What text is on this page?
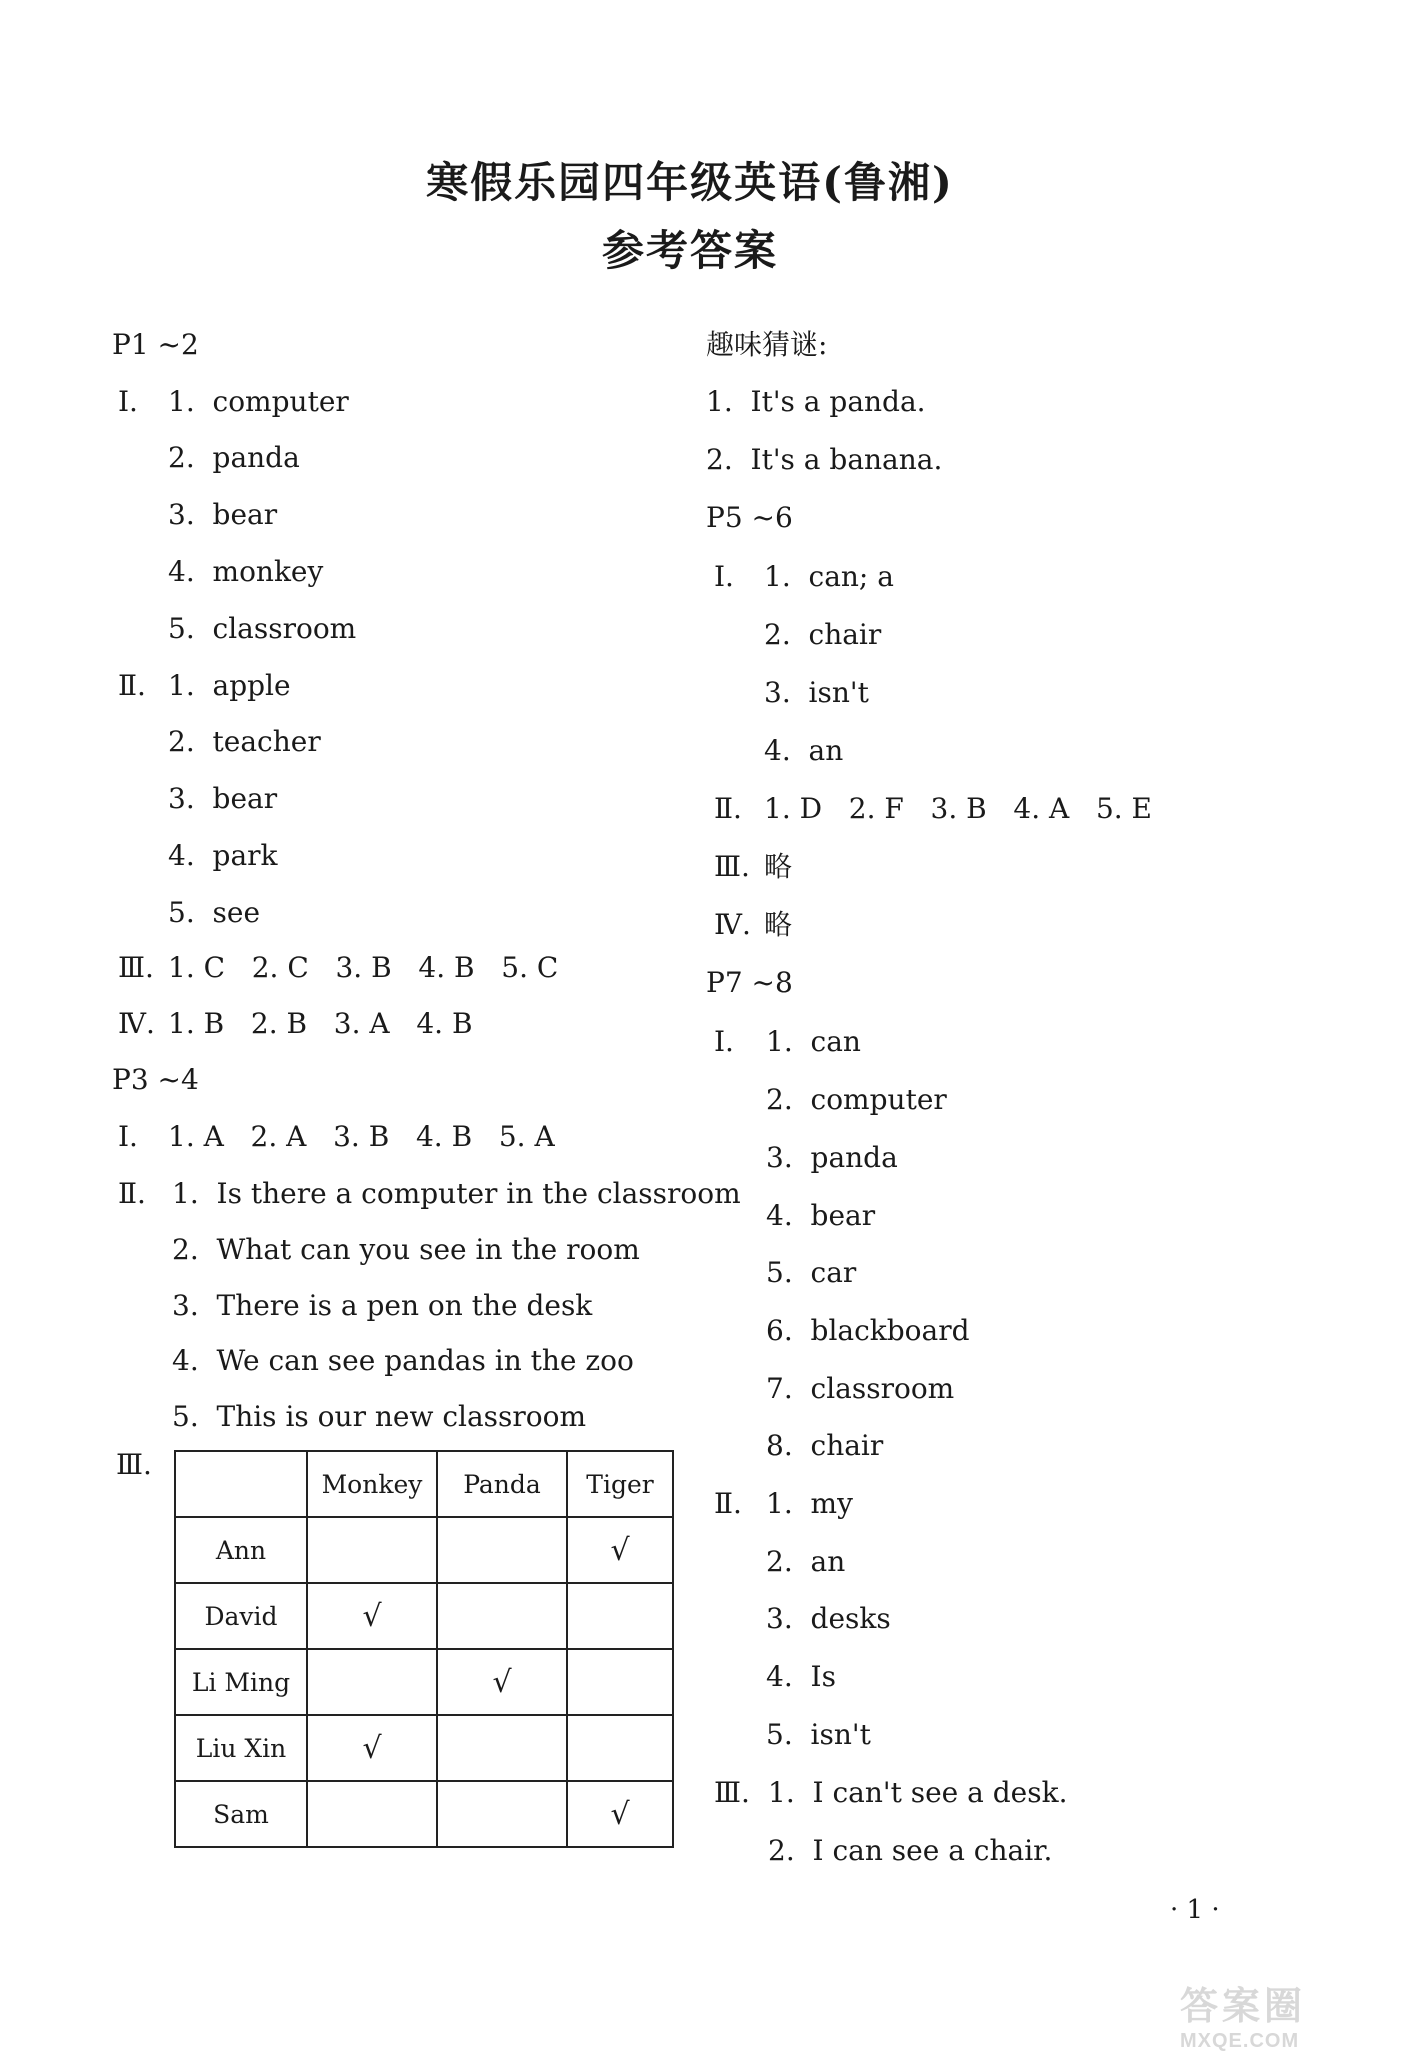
寒假乐园四年级英语(鲁湘)
参考答案
P1 ~2
Ⅰ. 1.  computer
2.  panda
3.  bear
4.  monkey
5.  classroom
Ⅱ. 1.  apple
2.  teacher
3.  bear
4.  park
5.  see
Ⅲ. 1. C   2. C   3. B   4. B   5. C
Ⅳ. 1. B   2. B   3. A   4. B
P3 ~4
Ⅰ. 1. A   2. A   3. B   4. B   5. A
Ⅱ. 1.  Is there a computer in the classroom
2.  What can you see in the room
3.  There is a pen on the desk
4.  We can see pandas in the zoo
5.  This is our new classroom
Ⅲ.
	Monkey	Panda	Tiger
Ann			√
David	√		
Li Ming		√	
Liu Xin	√		
Sam			√
趣味猜谜:
1.  It's a panda.
2.  It's a banana.
P5 ~6
Ⅰ. 1.  can; a
2.  chair
3.  isn't
4.  an
Ⅱ. 1. D   2. F   3. B   4. A   5. E
Ⅲ. 略
Ⅳ. 略
P7 ~8
Ⅰ. 1.  can
2.  computer
3.  panda
4.  bear
5.  car
6.  blackboard
7.  classroom
8.  chair
Ⅱ. 1.  my
2.  an
3.  desks
4.  Is
5.  isn't
Ⅲ. 1.  I can't see a desk.
2.  I can see a chair.
· 1 ·
答案圈
MXQE.COM
